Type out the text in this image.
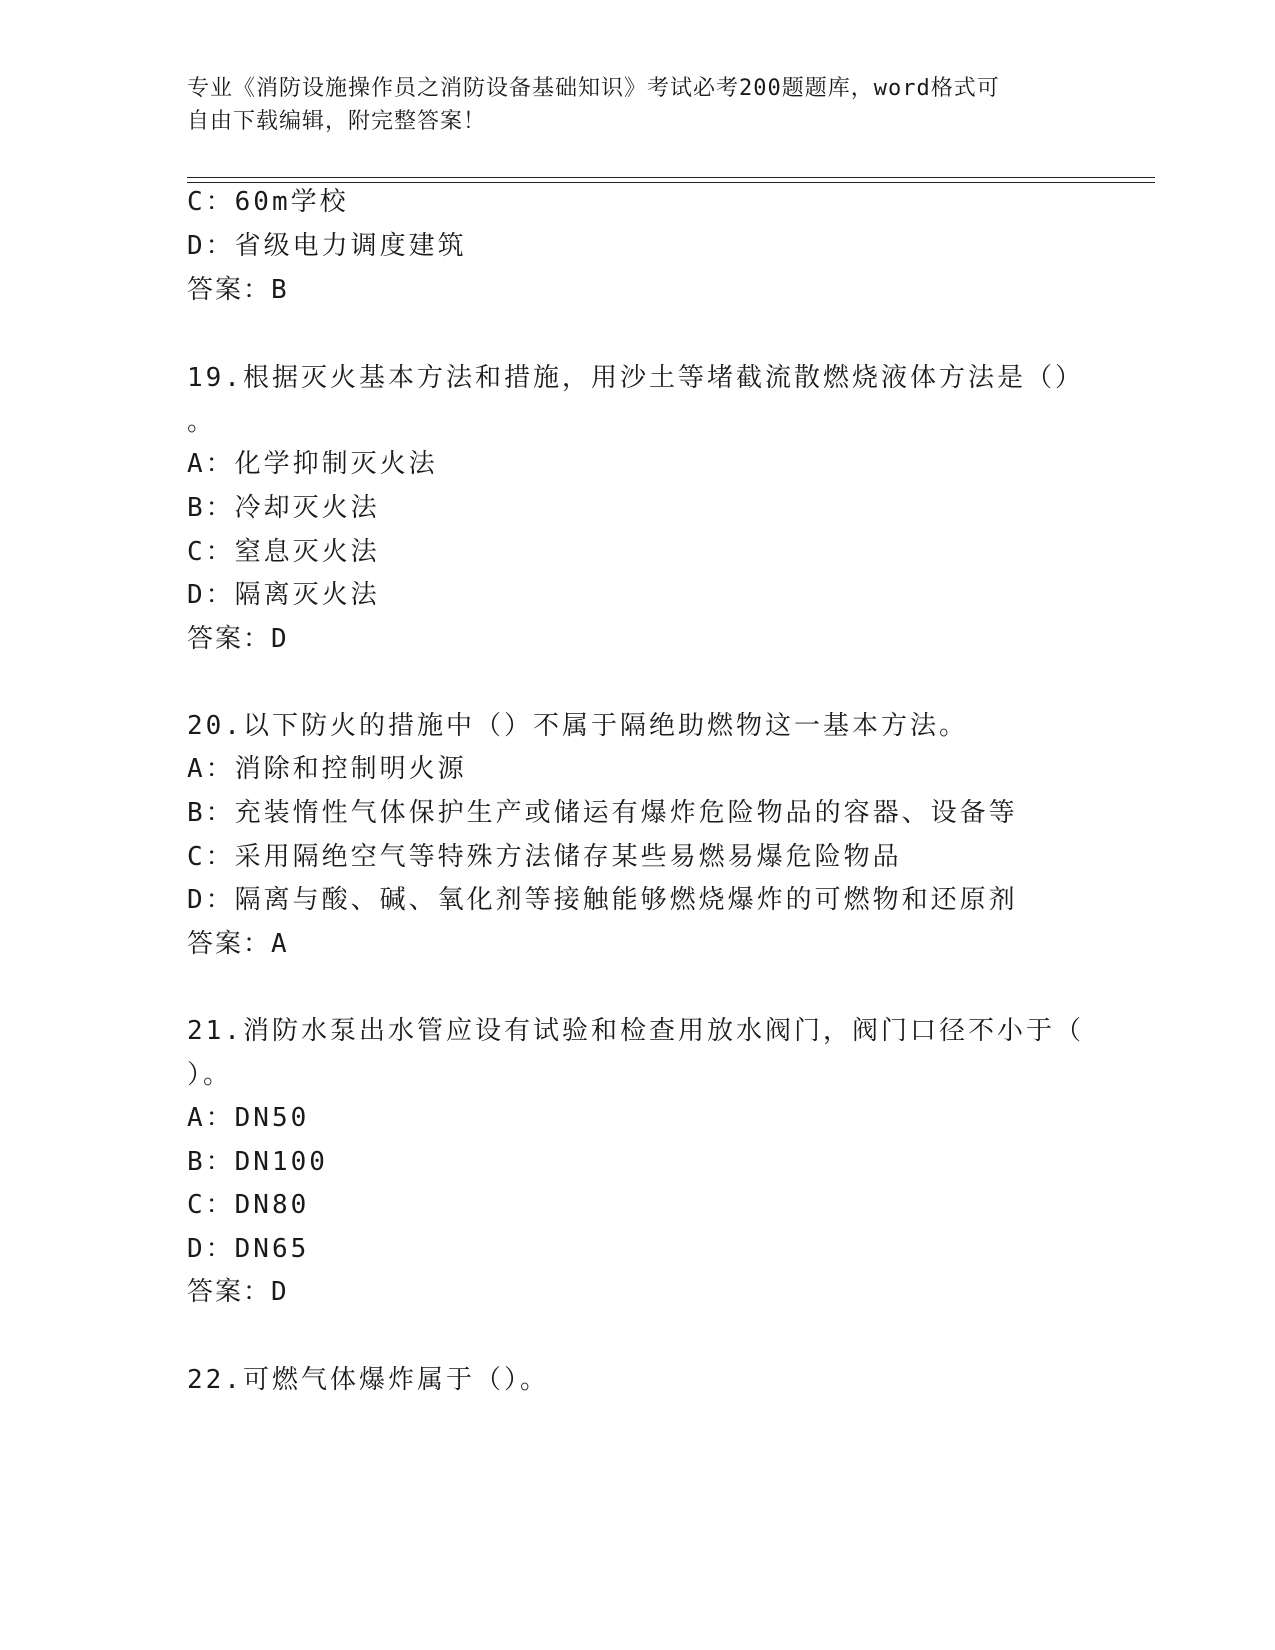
专业《消防设施操作员之消防设备基础知识》考试必考200题题库，word格式可
自由下载编辑，附完整答案！
C：60m学校
D：省级电力调度建筑
答案：B
19.根据灭火基本方法和措施，用沙土等堵截流散燃烧液体方法是（）
。
A：化学抑制灭火法
B：冷却灭火法
C：窒息灭火法
D：隔离灭火法
答案：D
20.以下防火的措施中（）不属于隔绝助燃物这一基本方法。
A：消除和控制明火源
B：充装惰性气体保护生产或储运有爆炸危险物品的容器、设备等
C：采用隔绝空气等特殊方法储存某些易燃易爆危险物品
D：隔离与酸、碱、氧化剂等接触能够燃烧爆炸的可燃物和还原剂
答案：A
21.消防水泵出水管应设有试验和检查用放水阀门，阀门口径不小于（
）。
A：DN50
B：DN100
C：DN80
D：DN65
答案：D
22.可燃气体爆炸属于（）。
